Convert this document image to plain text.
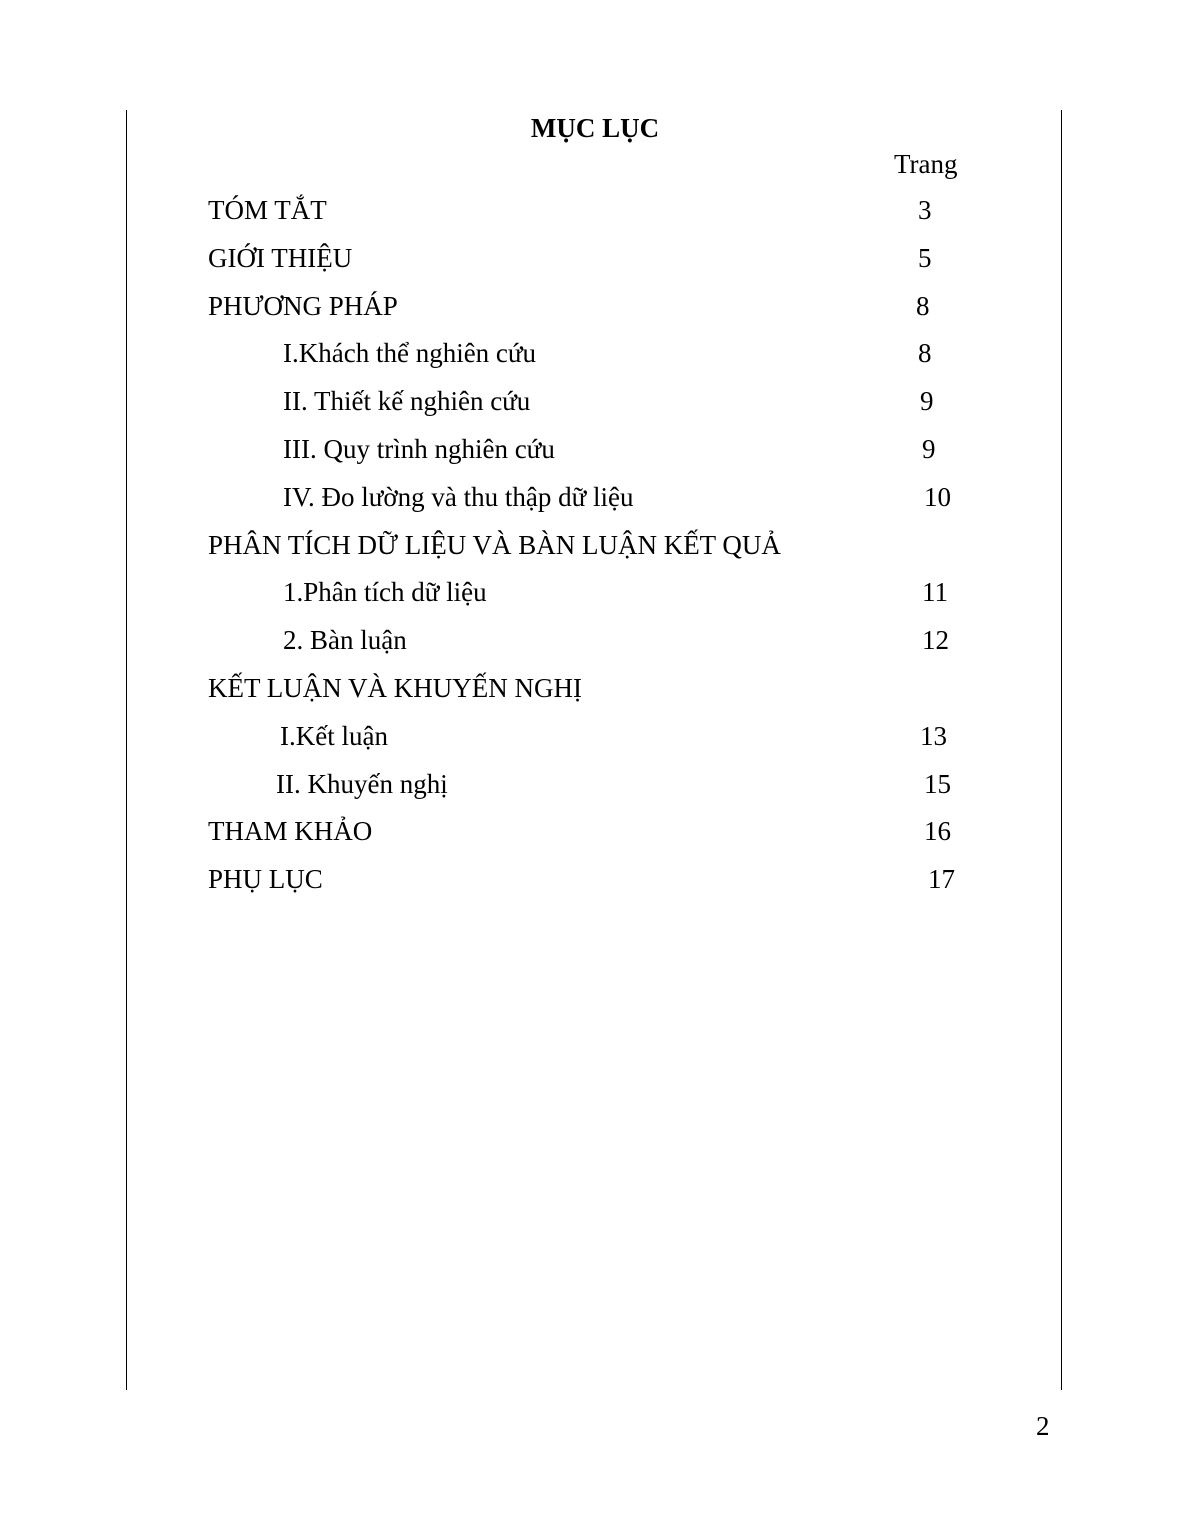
MỤC LỤC
Trang
TÓM TẮT	3
GIỚI THIỆU	5
PHƯƠNG PHÁP	8
I.Khách thể nghiên cứu	8
II. Thiết kế nghiên cứu	9
III. Quy trình nghiên cứu	9
IV. Đo lường và thu thập dữ liệu	10
PHÂN TÍCH DỮ LIỆU VÀ BÀN LUẬN KẾT QUẢ
1.Phân tích dữ liệu	11
2. Bàn luận	12
KẾT LUẬN VÀ KHUYẾN NGHỊ
I.Kết luận	13
II. Khuyến nghị	15
THAM KHẢO	16
PHỤ LỤC	17
2
